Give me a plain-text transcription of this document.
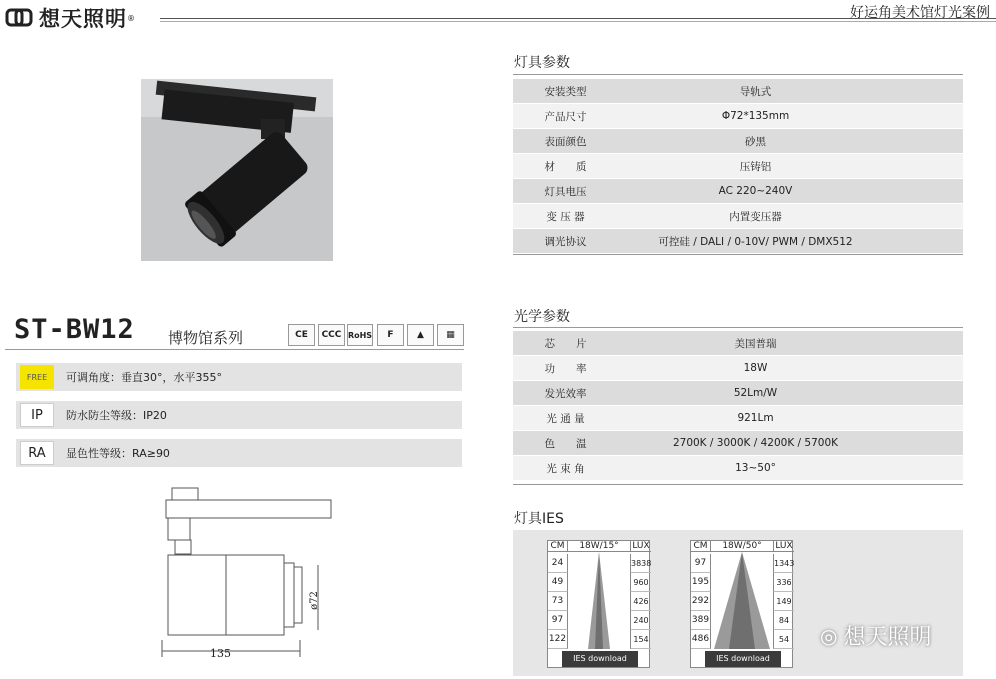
想天照明 ®	好运角美术馆灯光案例
ST-BW12 博物馆系列	CE	CCC RoHS	F	▲	▦
FREE	可调角度：垂直30°，水平355°
IP	防水防尘等级：IP20
RA	显色性等级：RA≥90
135
ø72
灯具参数
安装类型	导轨式
产品尺寸	Φ72*135mm
表面颜色	砂黑
材　　质	压铸铝
灯具电压	AC 220~240V
变 压 器	内置变压器
调光协议	可控硅 / DALI / 0-10V/ PWM / DMX512
光学参数
芯　　片	美国普瑞
功　　率	18W
发光效率	52Lm/W
光 通 量	921Lm
色　　温	2700K / 3000K / 4200K / 5700K
光 束 角	13~50°
灯具IES
CM	18W/15°	LUX
24	3838
49	960
73	426
97	240
122	154
IES download
CM	18W/50°	LUX
97	1343
195	336
292	149
389	84
486	54
IES download
◎ 想天照明
